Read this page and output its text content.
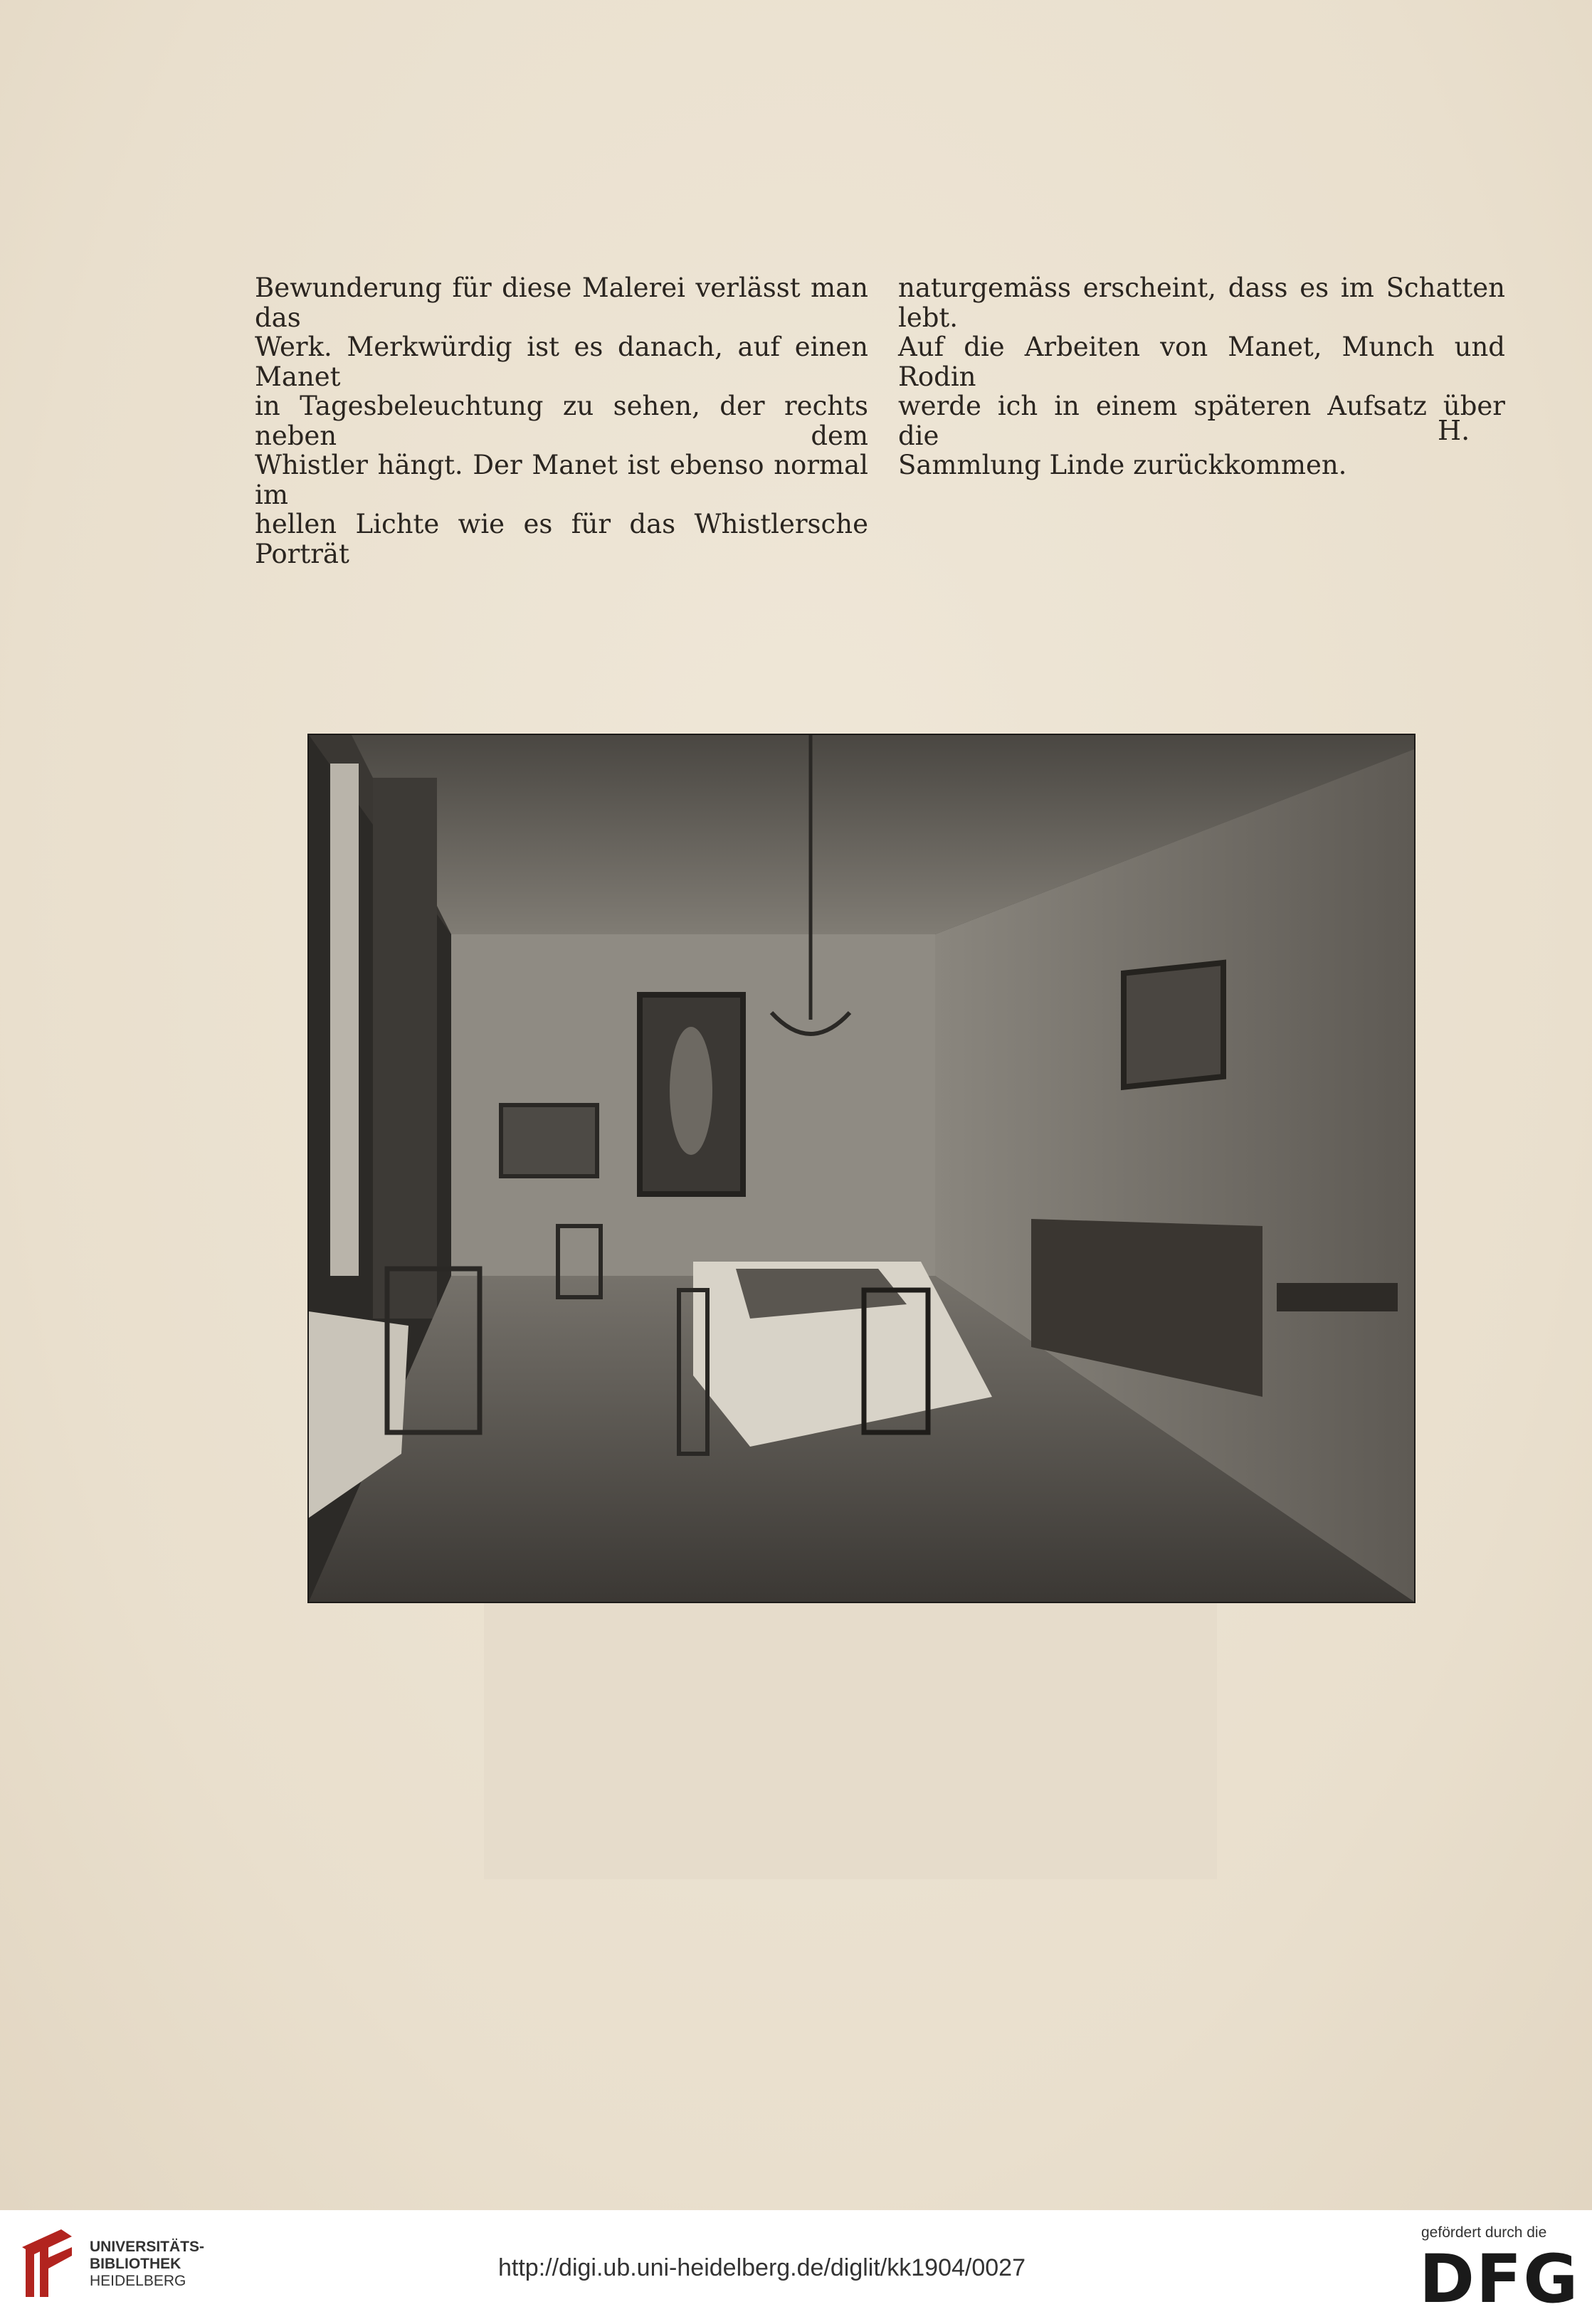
Bewunderung für diese Malerei verlässt man das

Werk. Merkwürdig ist es danach, auf einen Manet

in Tagesbeleuchtung zu sehen, der rechts neben dem

Whistler hängt. Der Manet ist ebenso normal im

hellen Lichte wie es für das Whistlersche Porträt

naturgemäss erscheint, dass es im Schatten lebt.

Auf die Arbeiten von Manet, Munch und Rodin

werde ich in einem späteren Aufsatz über die

Sammlung Linde zurückkommen.

H.
UNIVERSITÄTS-
BIBLIOTHEK
HEIDELBERG	http://digi.ub.uni-heidelberg.de/diglit/kk1904/0027
gefördert durch die
DFG
